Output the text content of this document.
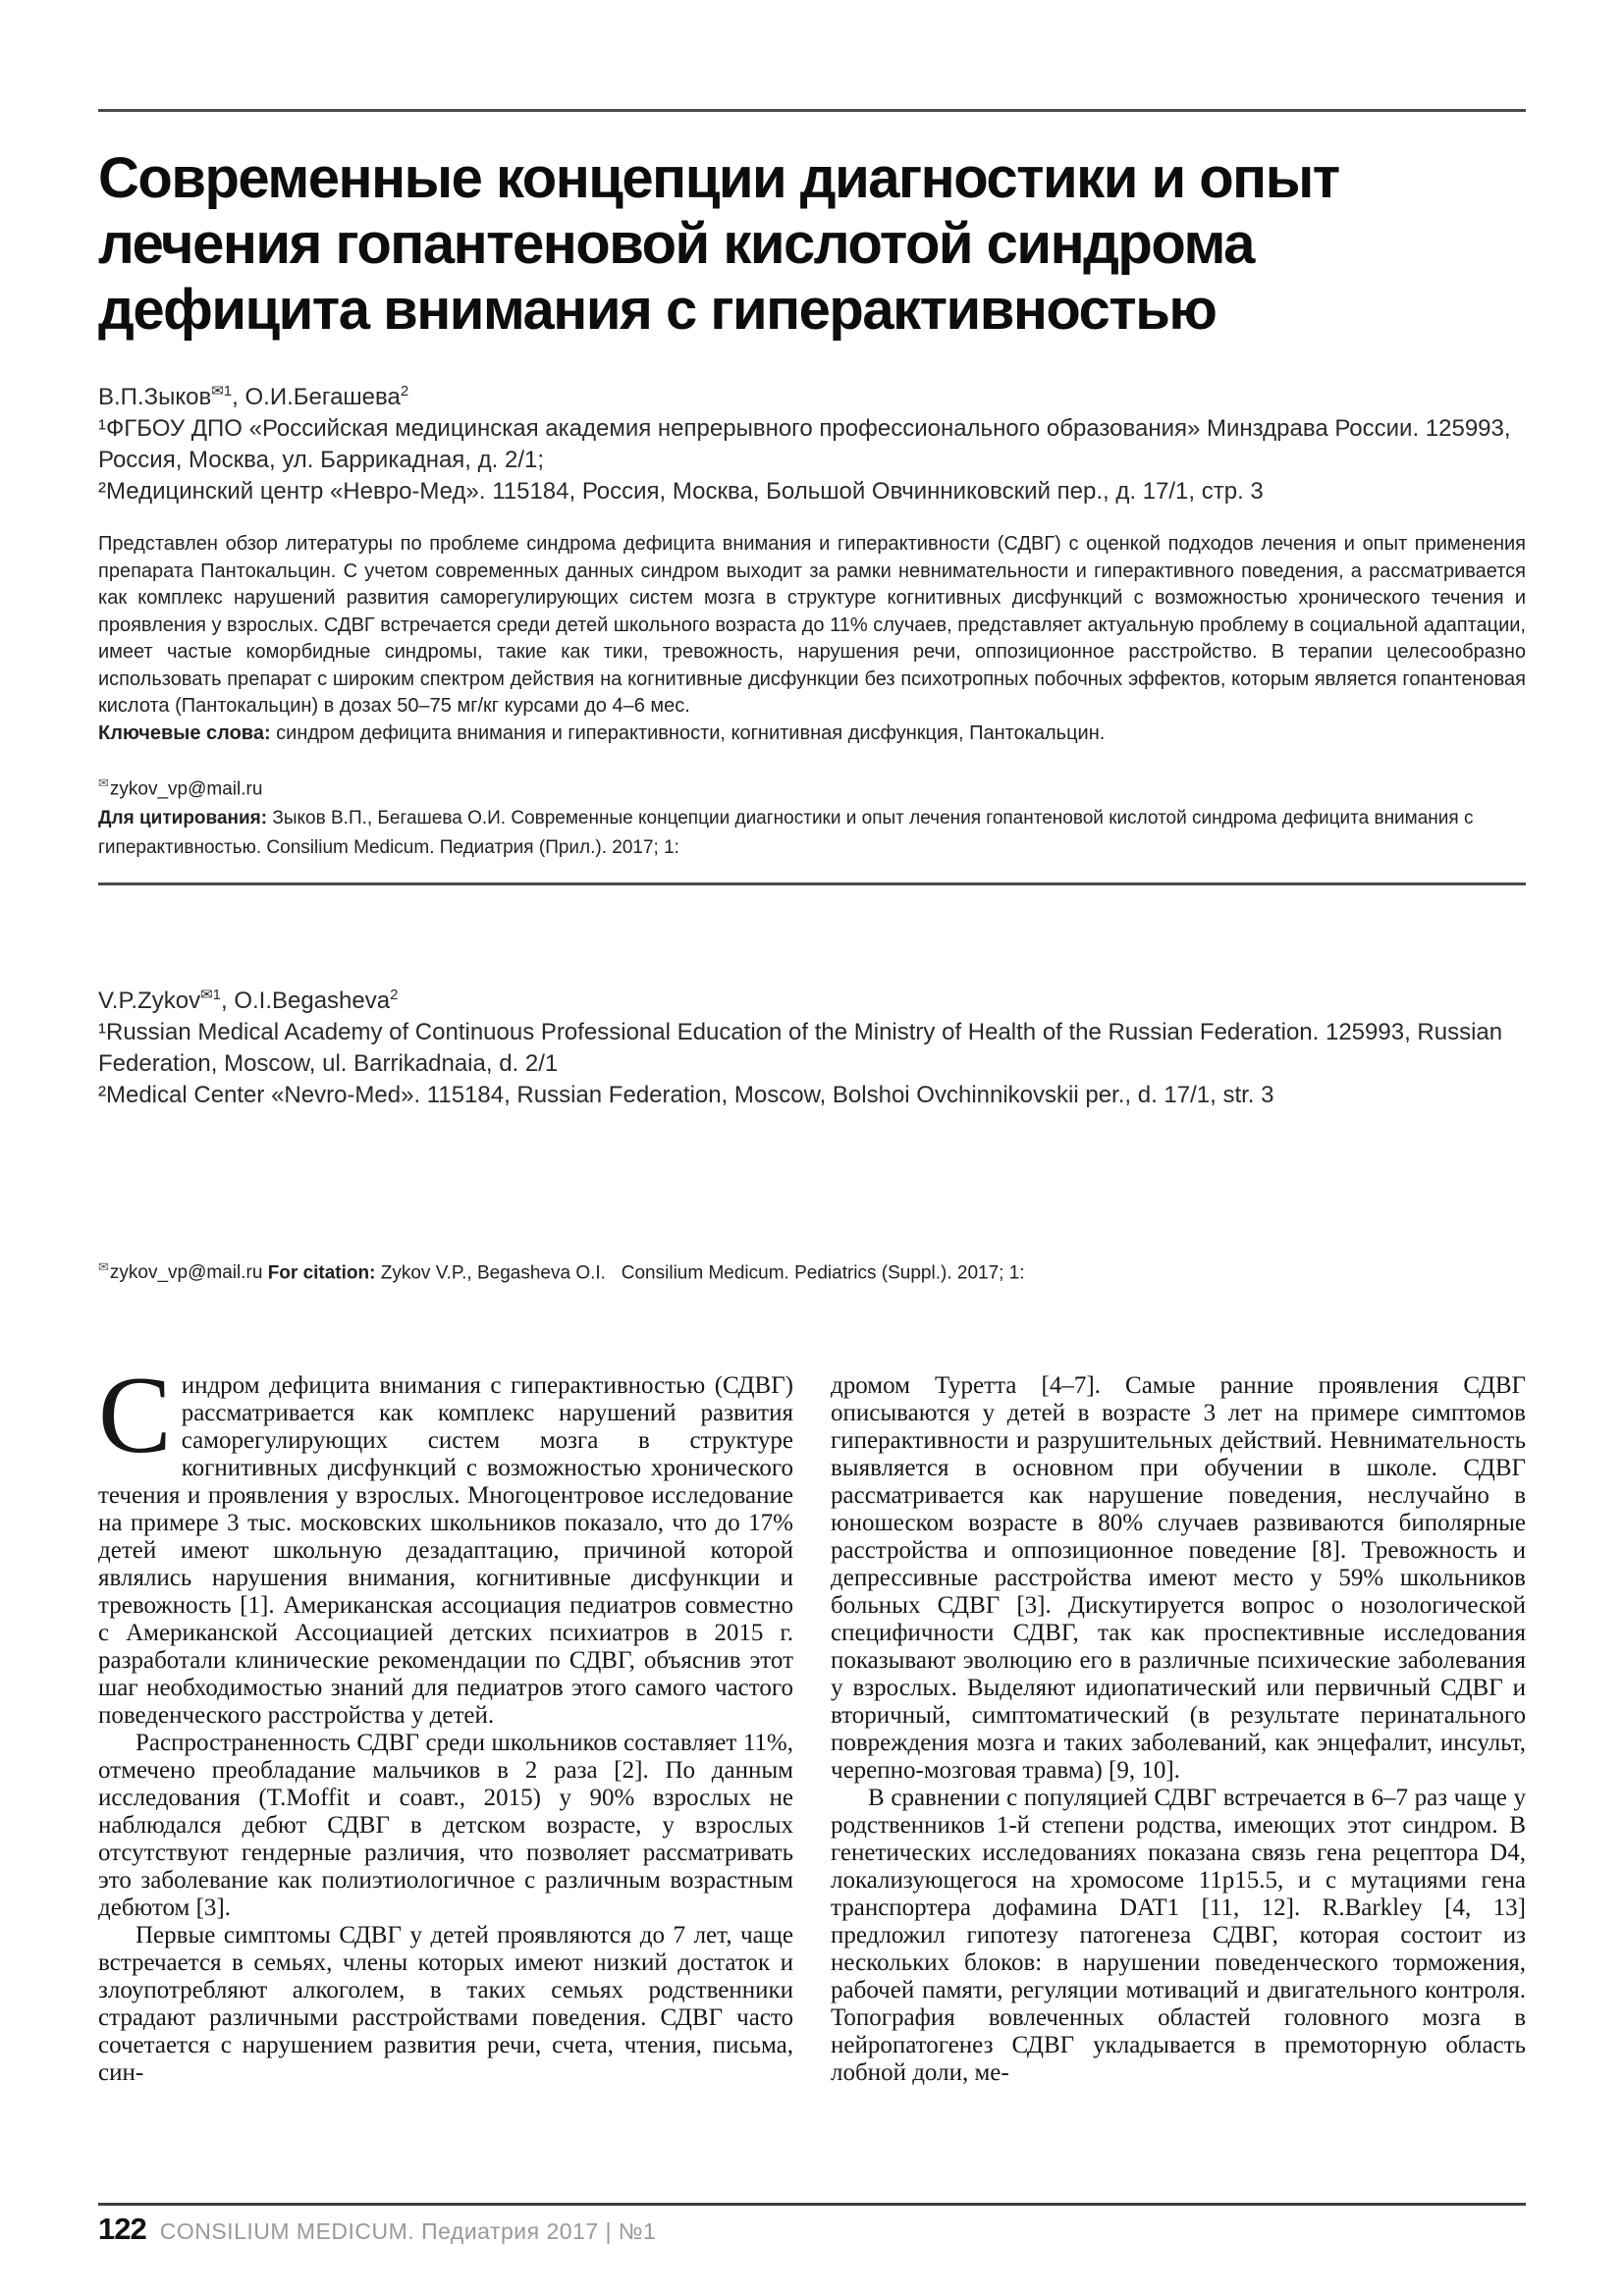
Современные концепции диагностики и опыт лечения гопантеновой кислотой синдрома дефицита внимания с гиперактивностью
В.П.Зыков$^{✉1}$, О.И.Бегашева$^2$

¹ФГБОУ ДПО «Российская медицинская академия непрерывного профессионального образования» Минздрава России. 125993, Россия, Москва, ул. Баррикадная, д. 2/1;

²Медицинский центр «Невро-Мед». 115184, Россия, Москва, Большой Овчинниковский пер., д. 17/1, стр. 3

Представлен обзор литературы по проблеме синдрома дефицита внимания и гиперактивности (СДВГ) с оценкой подходов лечения и опыт применения препарата Пантокальцин. С учетом современных данных синдром выходит за рамки невнимательности и гиперактивного поведения, а рассматривается как комплекс нарушений развития саморегулирующих систем мозга в структуре когнитивных дисфункций с возможностью хронического течения и проявления у взрослых. СДВГ встречается среди детей школьного возраста до 11% случаев, представляет актуальную проблему в социальной адаптации, имеет частые коморбидные синдромы, такие как тики, тревожность, нарушения речи, оппозиционное расстройство. В терапии целесообразно использовать препарат с широким спектром действия на когнитивные дисфункции без психотропных побочных эффектов, которым является гопантеновая кислота (Пантокальцин) в дозах 50–75 мг/кг курсами до 4–6 мес.
Ключевые слова: синдром дефицита внимания и гиперактивности, когнитивная дисфункция, Пантокальцин.
✉zykov_vp@mail.ru
Для цитирования: Зыков В.П., Бегашева О.И. Современные концепции диагностики и опыт лечения гопантеновой кислотой синдрома дефицита внимания с гиперактивностью. Consilium Medicum. Педиатрия (Прил.). 2017; 1:
V.P.Zykov$^{✉1}$, O.I.Begasheva$^2$

¹Russian Medical Academy of Continuous Professional Education of the Ministry of Health of the Russian Federation. 125993, Russian Federation, Moscow, ul. Barrikadnaia, d. 2/1

²Medical Center «Nevro-Med». 115184, Russian Federation, Moscow, Bolshoi Ovchinnikovskii per., d. 17/1, str. 3

✉zykov_vp@mail.ru For citation: Zykov V.P., Begasheva O.I.   Consilium Medicum. Pediatrics (Suppl.). 2017; 1:

Синдром дефицита внимания с гиперактивностью (СДВГ) рассматривается как комплекс нарушений развития саморегулирующих систем мозга в структуре когнитивных дисфункций с возможностью хронического течения и проявления у взрослых. Многоцентровое исследование на примере 3 тыс. московских школьников показало, что до 17% детей имеют школьную дезадаптацию, причиной которой являлись нарушения внимания, когнитивные дисфункции и тревожность [1]. Американская ассоциация педиатров совместно с Американской Ассоциацией детских психиатров в 2015 г. разработали клинические рекомендации по СДВГ, объяснив этот шаг необходимостью знаний для педиатров этого самого частого поведенческого расстройства у детей.

Распространенность СДВГ среди школьников составляет 11%, отмечено преобладание мальчиков в 2 раза [2]. По данным исследования (T.Moffit и соавт., 2015) у 90% взрослых не наблюдался дебют СДВГ в детском возрасте, у взрослых отсутствуют гендерные различия, что позволяет рассматривать это заболевание как полиэтиологичное с различным возрастным дебютом [3].

Первые симптомы СДВГ у детей проявляются до 7 лет, чаще встречается в семьях, члены которых имеют низкий достаток и злоупотребляют алкоголем, в таких семьях родственники страдают различными расстройствами поведения. СДВГ часто сочетается с нарушением развития речи, счета, чтения, письма, син-

дромом Туретта [4–7]. Самые ранние проявления СДВГ описываются у детей в возрасте 3 лет на примере симптомов гиперактивности и разрушительных действий. Невнимательность выявляется в основном при обучении в школе. СДВГ рассматривается как нарушение поведения, неслучайно в юношеском возрасте в 80% случаев развиваются биполярные расстройства и оппозиционное поведение [8]. Тревожность и депрессивные расстройства имеют место у 59% школьников больных СДВГ [3]. Дискутируется вопрос о нозологической специфичности СДВГ, так как проспективные исследования показывают эволюцию его в различные психические заболевания у взрослых. Выделяют идиопатический или первичный СДВГ и вторичный, симптоматический (в результате перинатального повреждения мозга и таких заболеваний, как энцефалит, инсульт, черепно-мозговая травма) [9, 10].

В сравнении с популяцией СДВГ встречается в 6–7 раз чаще у родственников 1-й степени родства, имеющих этот синдром. В генетических исследованиях показана связь гена рецептора D4, локализующегося на хромосоме 11p15.5, и с мутациями гена транспортера дофамина DAT1 [11, 12]. R.Barkley [4, 13] предложил гипотезу патогенеза СДВГ, которая состоит из нескольких блоков: в нарушении поведенческого торможения, рабочей памяти, регуляции мотиваций и двигательного контроля. Топография вовлеченных областей головного мозга в нейропатогенез СДВГ укладывается в премоторную область лобной доли, ме-

122 CONSILIUM MEDICUM. Педиатрия 2017 | №1
